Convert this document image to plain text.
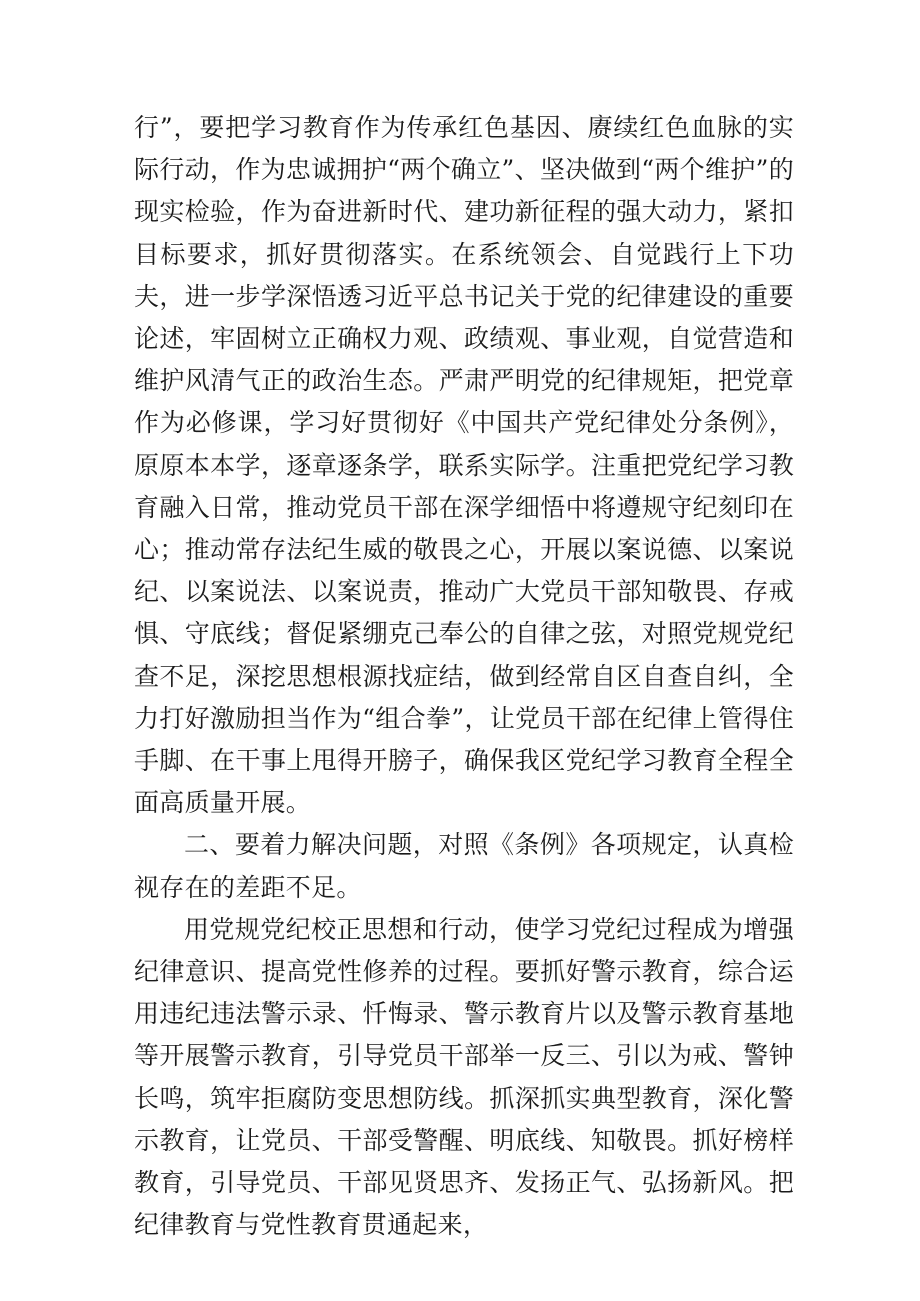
行”，要把学习教育作为传承红色基因、赓续红色血脉的实际行动，作为忠诚拥护“两个确立”、坚决做到“两个维护”的现实检验，作为奋进新时代、建功新征程的强大动力，紧扣目标要求，抓好贯彻落实。在系统领会、自觉践行上下功夫，进一步学深悟透习近平总书记关于党的纪律建设的重要论述，牢固树立正确权力观、政绩观、事业观，自觉营造和维护风清气正的政治生态。严肃严明党的纪律规矩，把党章作为必修课，学习好贯彻好《中国共产党纪律处分条例》，原原本本学，逐章逐条学，联系实际学。注重把党纪学习教育融入日常，推动党员干部在深学细悟中将遵规守纪刻印在心；推动常存法纪生威的敬畏之心，开展以案说德、以案说纪、以案说法、以案说责，推动广大党员干部知敬畏、存戒惧、守底线；督促紧绷克己奉公的自律之弦，对照党规党纪查不足，深挖思想根源找症结，做到经常自区自查自纠，全力打好激励担当作为“组合拳”，让党员干部在纪律上管得住手脚、在干事上甩得开膀子，确保我区党纪学习教育全程全面高质量开展。

二、要着力解决问题，对照《条例》各项规定，认真检视存在的差距不足。

用党规党纪校正思想和行动，使学习党纪过程成为增强纪律意识、提高党性修养的过程。要抓好警示教育，综合运用违纪违法警示录、忏悔录、警示教育片以及警示教育基地等开展警示教育，引导党员干部举一反三、引以为戒、警钟长鸣，筑牢拒腐防变思想防线。抓深抓实典型教育，深化警示教育，让党员、干部受警醒、明底线、知敬畏。抓好榜样教育，引导党员、干部见贤思齐、发扬正气、弘扬新风。把纪律教育与党性教育贯通起来，
